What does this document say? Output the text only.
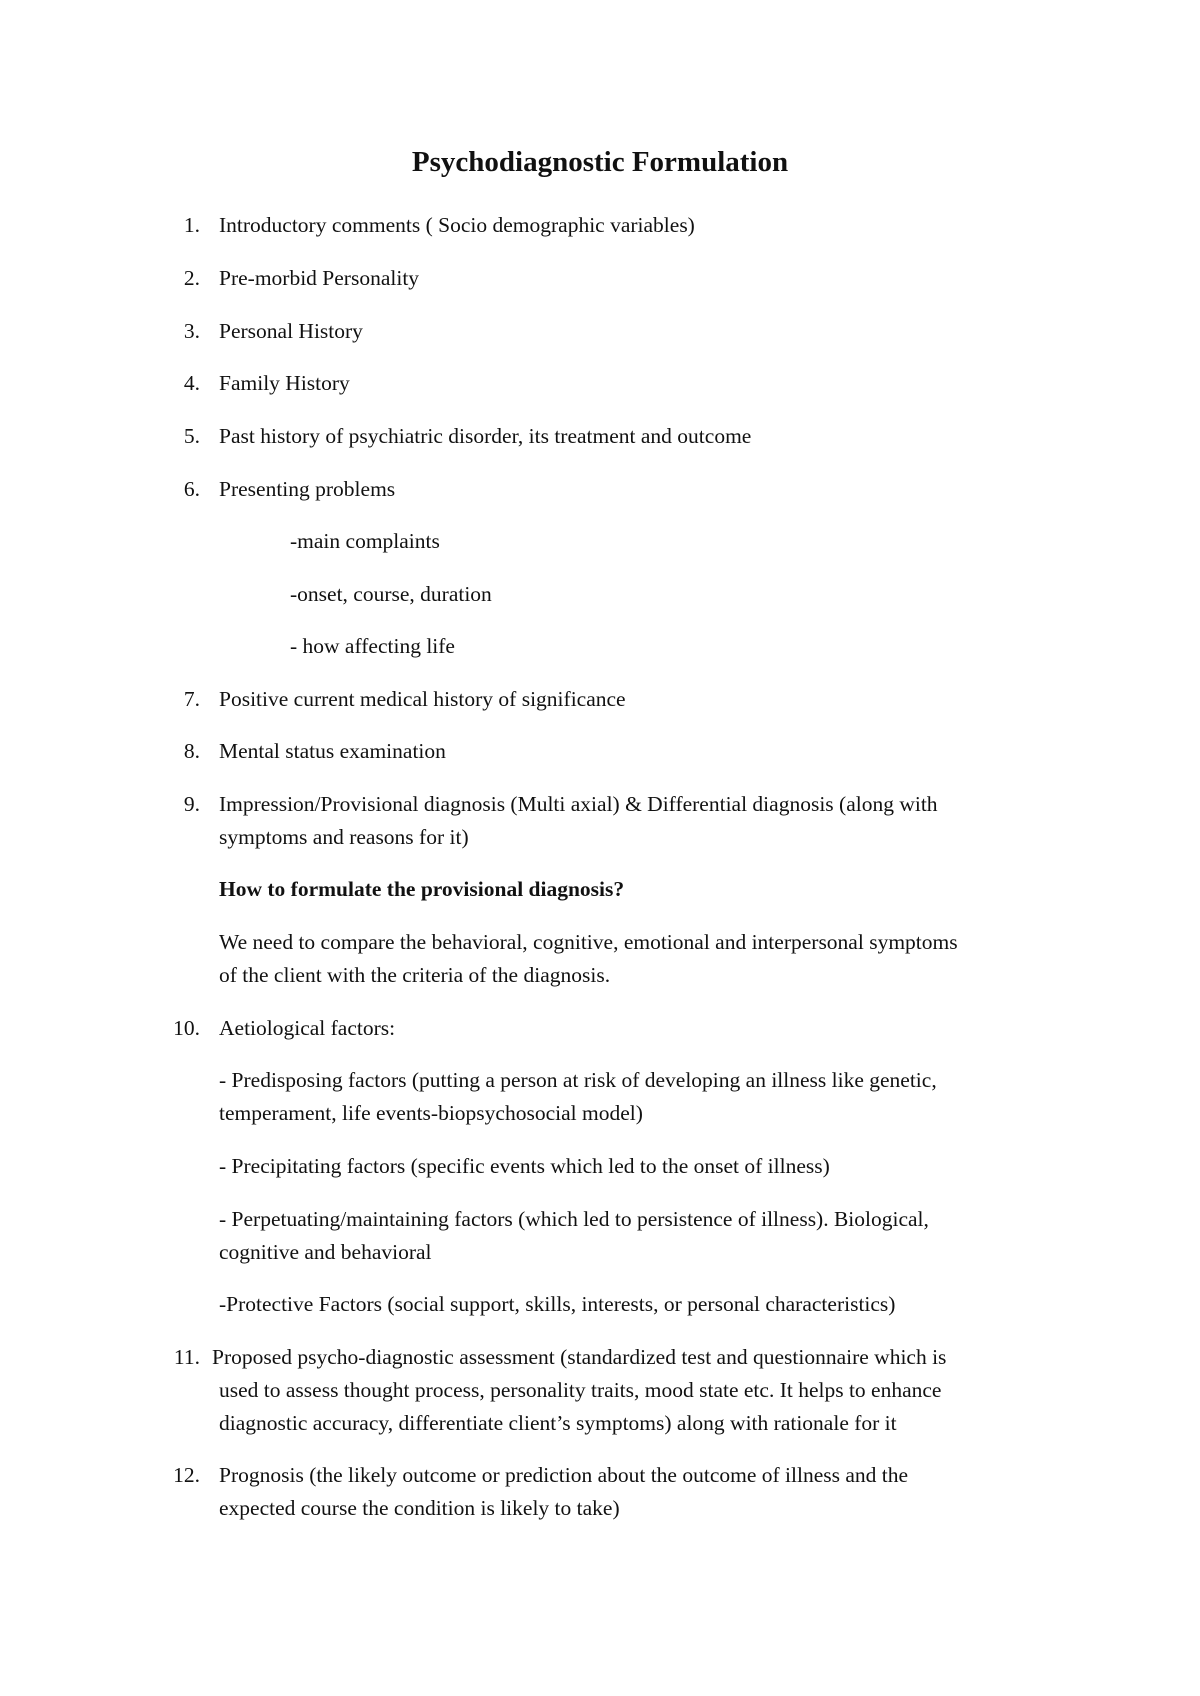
Psychodiagnostic Formulation
1. Introductory comments ( Socio demographic variables)
2. Pre-morbid Personality
3. Personal History
4. Family History
5. Past history of psychiatric disorder, its treatment and outcome
6. Presenting problems
-main complaints
-onset, course, duration
- how affecting life
7. Positive current medical history of significance
8. Mental status examination
9. Impression/Provisional diagnosis (Multi axial) & Differential diagnosis (along with
symptoms and reasons for it)
How to formulate the provisional diagnosis?
We need to compare the behavioral, cognitive, emotional and interpersonal symptoms
of the client with the criteria of the diagnosis.
10. Aetiological factors:
- Predisposing factors (putting a person at risk of developing an illness like genetic,
temperament, life events-biopsychosocial model)
- Precipitating factors (specific events which led to the onset of illness)
- Perpetuating/maintaining factors (which led to persistence of illness). Biological,
cognitive and behavioral
-Protective Factors (social support, skills, interests, or personal characteristics)
11. Proposed psycho-diagnostic assessment (standardized test and questionnaire which is
used to assess thought process, personality traits, mood state etc. It helps to enhance
diagnostic accuracy, differentiate client’s symptoms) along with rationale for it
12. Prognosis (the likely outcome or prediction about the outcome of illness and the
expected course the condition is likely to take)
